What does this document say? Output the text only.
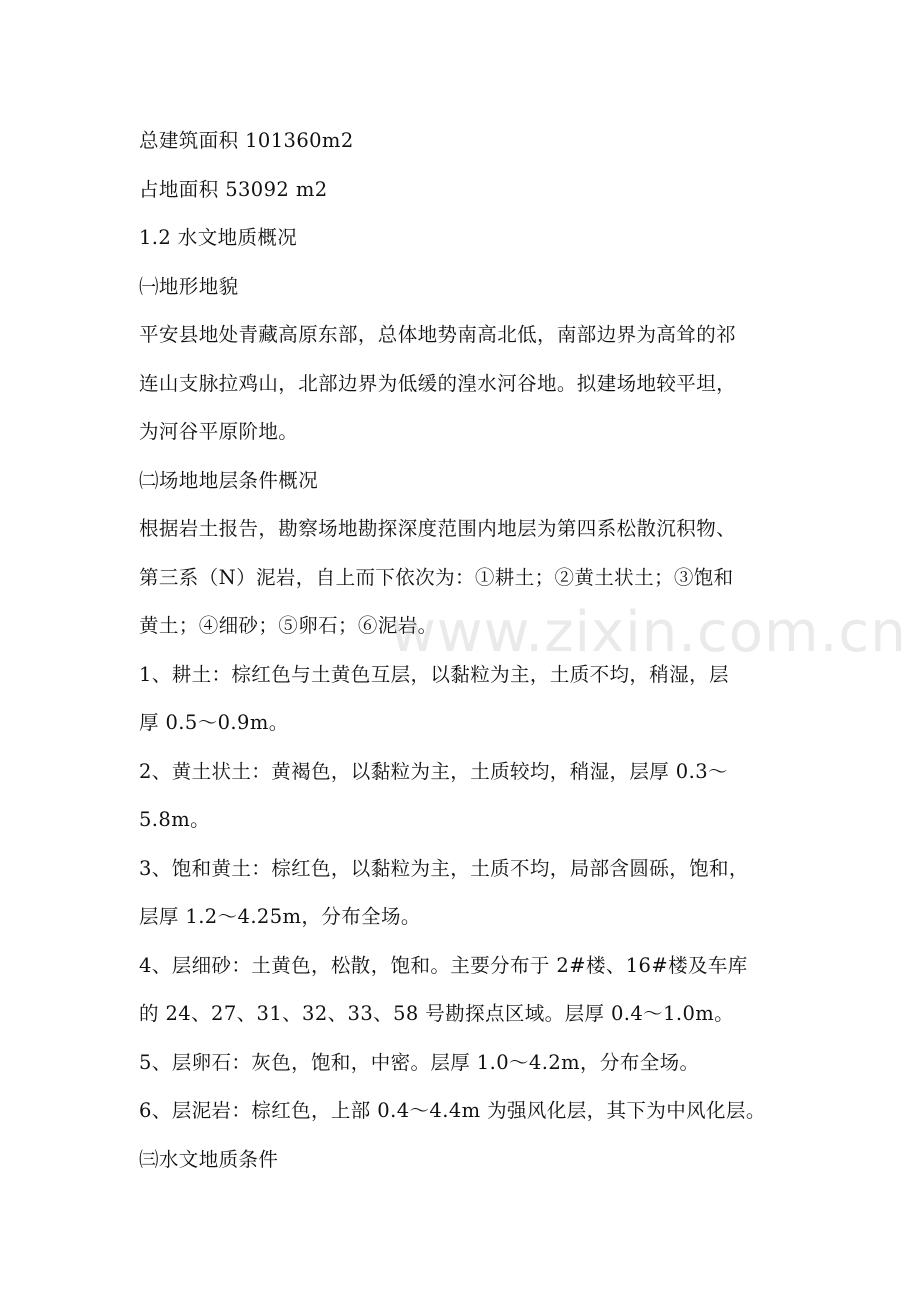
总建筑面积 101360m2
占地面积 53092 m2
1.2 水文地质概况
㈠地形地貌
平安县地处青藏高原东部，总体地势南高北低，南部边界为高耸的祁
连山支脉拉鸡山，北部边界为低缓的湟水河谷地。拟建场地较平坦，
为河谷平原阶地。
㈡场地地层条件概况
根据岩土报告，勘察场地勘探深度范围内地层为第四系松散沉积物、
第三系（N）泥岩，自上而下依次为：①耕土；②黄土状土；③饱和
黄土；④细砂；⑤卵石；⑥泥岩。
1、耕土：棕红色与土黄色互层，以黏粒为主，土质不均，稍湿，层
厚 0.5～0.9m。
2、黄土状土：黄褐色，以黏粒为主，土质较均，稍湿，层厚 0.3～
5.8m。
3、饱和黄土：棕红色，以黏粒为主，土质不均，局部含圆砾，饱和，
层厚 1.2～4.25m，分布全场。
4、层细砂：土黄色，松散，饱和。主要分布于 2#楼、16#楼及车库
的 24、27、31、32、33、58 号勘探点区域。层厚 0.4～1.0m。
5、层卵石：灰色，饱和，中密。层厚 1.0～4.2m，分布全场。
6、层泥岩：棕红色，上部 0.4～4.4m 为强风化层，其下为中风化层。
㈢水文地质条件
www.zixin.com.cn
